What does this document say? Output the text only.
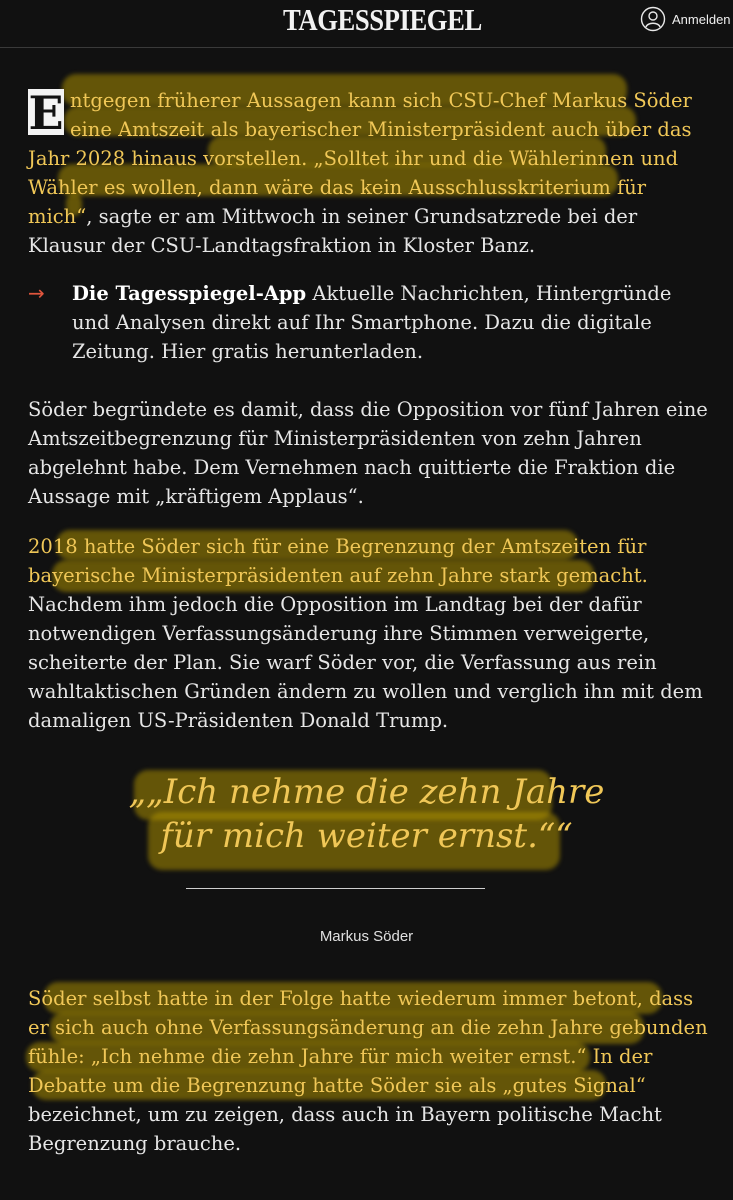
TAGESSPIEGEL	Anmelden

E ntgegen früherer Aussagen kann sich CSU-Chef Markus Söder eine Amtszeit als bayerischer Ministerpräsident auch über das Jahr 2028 hinaus vorstellen. „Solltet ihr und die Wählerinnen und Wähler es wollen, dann wäre das kein Ausschlusskriterium für mich“, sagte er am Mittwoch in seiner Grundsatzrede bei der Klausur der CSU-Landtagsfraktion in Kloster Banz.

→ Die Tagesspiegel-App Aktuelle Nachrichten, Hintergründe und Analysen direkt auf Ihr Smartphone. Dazu die digitale Zeitung. Hier gratis herunterladen.

Söder begründete es damit, dass die Opposition vor fünf Jahren eine Amtszeitbegrenzung für Ministerpräsidenten von zehn Jahren abgelehnt habe. Dem Vernehmen nach quittierte die Fraktion die Aussage mit „kräftigem Applaus“.

2018 hatte Söder sich für eine Begrenzung der Amtszeiten für bayerische Ministerpräsidenten auf zehn Jahre stark gemacht. Nachdem ihm jedoch die Opposition im Landtag bei der dafür notwendigen Verfassungsänderung ihre Stimmen verweigerte, scheiterte der Plan. Sie warf Söder vor, die Verfassung aus rein wahltaktischen Gründen ändern zu wollen und verglich ihn mit dem damaligen US-Präsidenten Donald Trump.

„„Ich nehme die zehn Jahre
für mich weiter ernst.““

Markus Söder

Söder selbst hatte in der Folge hatte wiederum immer betont, dass er sich auch ohne Verfassungsänderung an die zehn Jahre gebunden fühle: „Ich nehme die zehn Jahre für mich weiter ernst.“ In der Debatte um die Begrenzung hatte Söder sie als „gutes Signal“ bezeichnet, um zu zeigen, dass auch in Bayern politische Macht Begrenzung brauche.
